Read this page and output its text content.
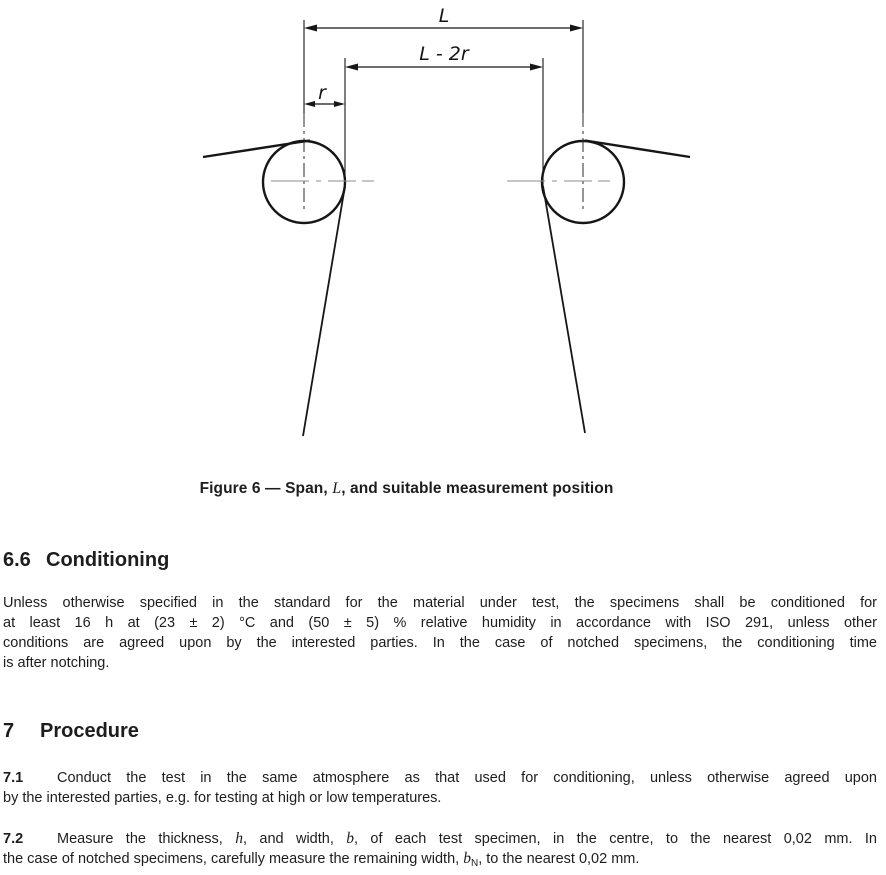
L
L - 2r
r
Figure 6 — Span, L, and suitable measurement position
6.6 Conditioning
Unless otherwise specified in the standard for the material under test, the specimens shall be conditioned for
at least 16 h at (23 ± 2) °C and (50 ± 5) % relative humidity in accordance with ISO 291, unless other
conditions are agreed upon by the interested parties. In the case of notched specimens, the conditioning time
is after notching.
7 Procedure
7.1 Conduct the test in the same atmosphere as that used for conditioning, unless otherwise agreed upon
by the interested parties, e.g. for testing at high or low temperatures.
7.2 Measure the thickness, h, and width, b, of each test specimen, in the centre, to the nearest 0,02 mm. In
the case of notched specimens, carefully measure the remaining width, $b_N$, to the nearest 0,02 mm.
